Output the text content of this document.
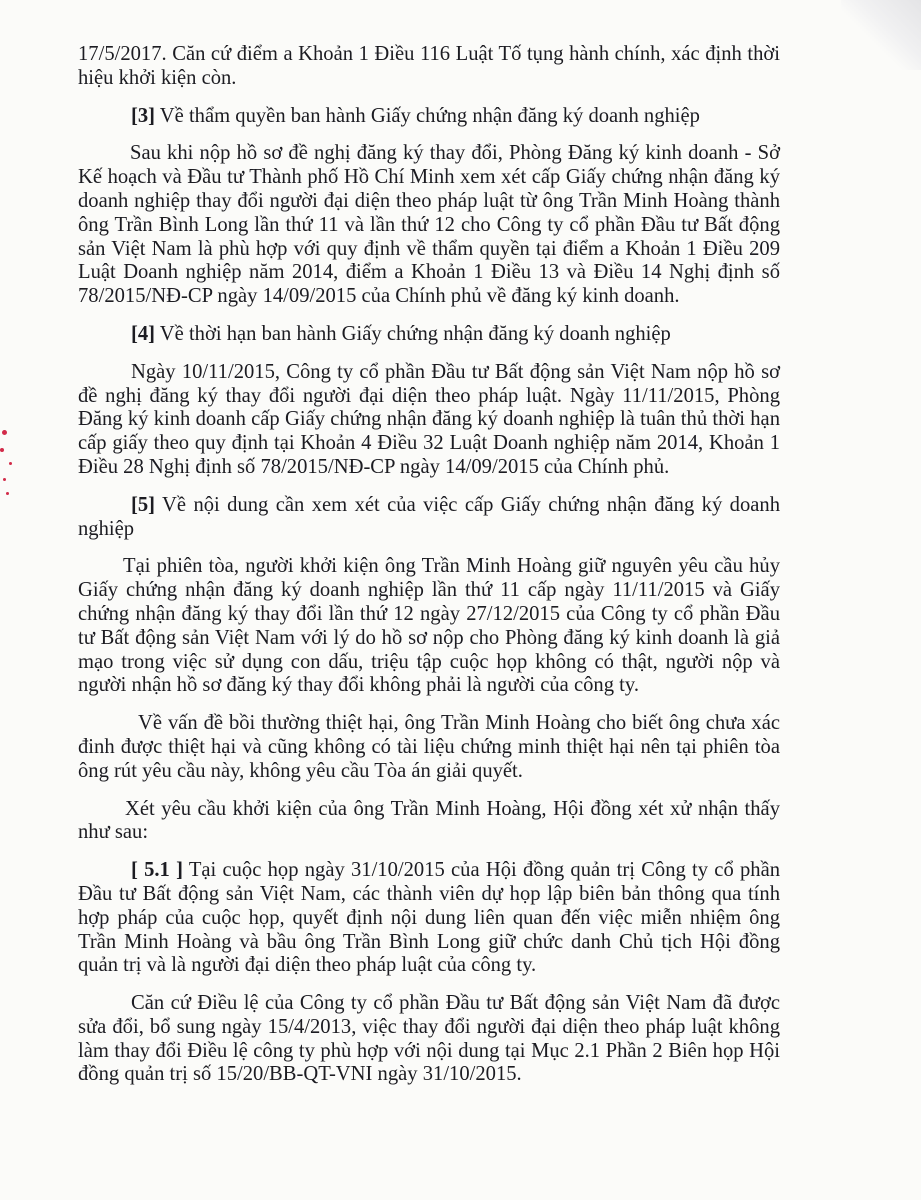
17/5/2017. Căn cứ điểm a Khoản 1 Điều 116 Luật Tố tụng hành chính, xác định thời hiệu khởi kiện còn.

[3] Về thẩm quyền ban hành Giấy chứng nhận đăng ký doanh nghiệp

Sau khi nộp hồ sơ đề nghị đăng ký thay đổi, Phòng Đăng ký kinh doanh - Sở Kế hoạch và Đầu tư Thành phố Hồ Chí Minh xem xét cấp Giấy chứng nhận đăng ký doanh nghiệp thay đổi người đại diện theo pháp luật từ ông Trần Minh Hoàng thành ông Trần Bình Long lần thứ 11 và lần thứ 12 cho Công ty cổ phần Đầu tư Bất động sản Việt Nam là phù hợp với quy định về thẩm quyền tại điểm a Khoản 1 Điều 209 Luật Doanh nghiệp năm 2014, điểm a Khoản 1 Điều 13 và Điều 14 Nghị định số 78/2015/NĐ-CP ngày 14/09/2015 của Chính phủ về đăng ký kinh doanh.

[4] Về thời hạn ban hành Giấy chứng nhận đăng ký doanh nghiệp

Ngày 10/11/2015, Công ty cổ phần Đầu tư Bất động sản Việt Nam nộp hồ sơ đề nghị đăng ký thay đổi người đại diện theo pháp luật. Ngày 11/11/2015, Phòng Đăng ký kinh doanh cấp Giấy chứng nhận đăng ký doanh nghiệp là tuân thủ thời hạn cấp giấy theo quy định tại Khoản 4 Điều 32 Luật Doanh nghiệp năm 2014, Khoản 1 Điều 28 Nghị định số 78/2015/NĐ-CP ngày 14/09/2015 của Chính phủ.

[5] Về nội dung cần xem xét của việc cấp Giấy chứng nhận đăng ký doanh nghiệp

Tại phiên tòa, người khởi kiện ông Trần Minh Hoàng giữ nguyên yêu cầu hủy Giấy chứng nhận đăng ký doanh nghiệp lần thứ 11 cấp ngày 11/11/2015 và Giấy chứng nhận đăng ký thay đổi lần thứ 12 ngày 27/12/2015 của Công ty cổ phần Đầu tư Bất động sản Việt Nam với lý do hồ sơ nộp cho Phòng đăng ký kinh doanh là giả mạo trong việc sử dụng con dấu, triệu tập cuộc họp không có thật, người nộp và người nhận hồ sơ đăng ký thay đổi không phải là người của công ty.

Về vấn đề bồi thường thiệt hại, ông Trần Minh Hoàng cho biết ông chưa xác đinh được thiệt hại và cũng không có tài liệu chứng minh thiệt hại nên tại phiên tòa ông rút yêu cầu này, không yêu cầu Tòa án giải quyết.

Xét yêu cầu khởi kiện của ông Trần Minh Hoàng, Hội đồng xét xử nhận thấy như sau:

[ 5.1 ] Tại cuộc họp ngày 31/10/2015 của Hội đồng quản trị Công ty cổ phần Đầu tư Bất động sản Việt Nam, các thành viên dự họp lập biên bản thông qua tính hợp pháp của cuộc họp, quyết định nội dung liên quan đến việc miễn nhiệm ông Trần Minh Hoàng và bầu ông Trần Bình Long giữ chức danh Chủ tịch Hội đồng quản trị và là người đại diện theo pháp luật của công ty.

Căn cứ Điều lệ của Công ty cổ phần Đầu tư Bất động sản Việt Nam đã được sửa đổi, bổ sung ngày 15/4/2013, việc thay đổi người đại diện theo pháp luật không làm thay đổi Điều lệ công ty phù hợp với nội dung tại Mục 2.1 Phần 2 Biên họp Hội đồng quản trị số 15/20/BB-QT-VNI ngày 31/10/2015.
